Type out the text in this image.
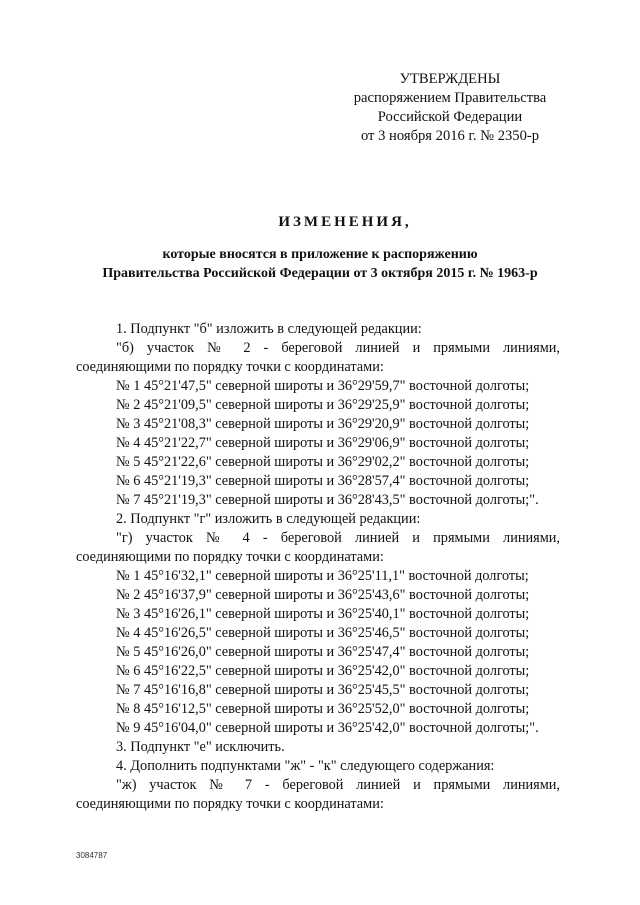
УТВЕРЖДЕНЫ
распоряжением Правительства
Российской Федерации
от 3 ноября 2016 г. № 2350-р
ИЗМЕНЕНИЯ,
которые вносятся в приложение к распоряжению
Правительства Российской Федерации от 3 октября 2015 г. № 1963-р

1. Подпункт "б" изложить в следующей редакции:

"б) участок № 2 - береговой линией и прямыми линиями,

соединяющими по порядку точки с координатами:

№ 1 45°21'47,5" северной широты и 36°29'59,7" восточной долготы;

№ 2 45°21'09,5" северной широты и 36°29'25,9" восточной долготы;

№ 3 45°21'08,3" северной широты и 36°29'20,9" восточной долготы;

№ 4 45°21'22,7" северной широты и 36°29'06,9" восточной долготы;

№ 5 45°21'22,6" северной широты и 36°29'02,2" восточной долготы;

№ 6 45°21'19,3" северной широты и 36°28'57,4" восточной долготы;

№ 7 45°21'19,3" северной широты и 36°28'43,5" восточной долготы;".

2. Подпункт "г" изложить в следующей редакции:

"г) участок № 4 - береговой линией и прямыми линиями,

соединяющими по порядку точки с координатами:

№ 1 45°16'32,1" северной широты и 36°25'11,1" восточной долготы;

№ 2 45°16'37,9" северной широты и 36°25'43,6" восточной долготы;

№ 3 45°16'26,1" северной широты и 36°25'40,1" восточной долготы;

№ 4 45°16'26,5" северной широты и 36°25'46,5" восточной долготы;

№ 5 45°16'26,0" северной широты и 36°25'47,4" восточной долготы;

№ 6 45°16'22,5" северной широты и 36°25'42,0" восточной долготы;

№ 7 45°16'16,8" северной широты и 36°25'45,5" восточной долготы;

№ 8 45°16'12,5" северной широты и 36°25'52,0" восточной долготы;

№ 9 45°16'04,0" северной широты и 36°25'42,0" восточной долготы;".

3. Подпункт "е" исключить.

4. Дополнить подпунктами "ж" - "к" следующего содержания:

"ж) участок № 7 - береговой линией и прямыми линиями,

соединяющими по порядку точки с координатами:

3084787
